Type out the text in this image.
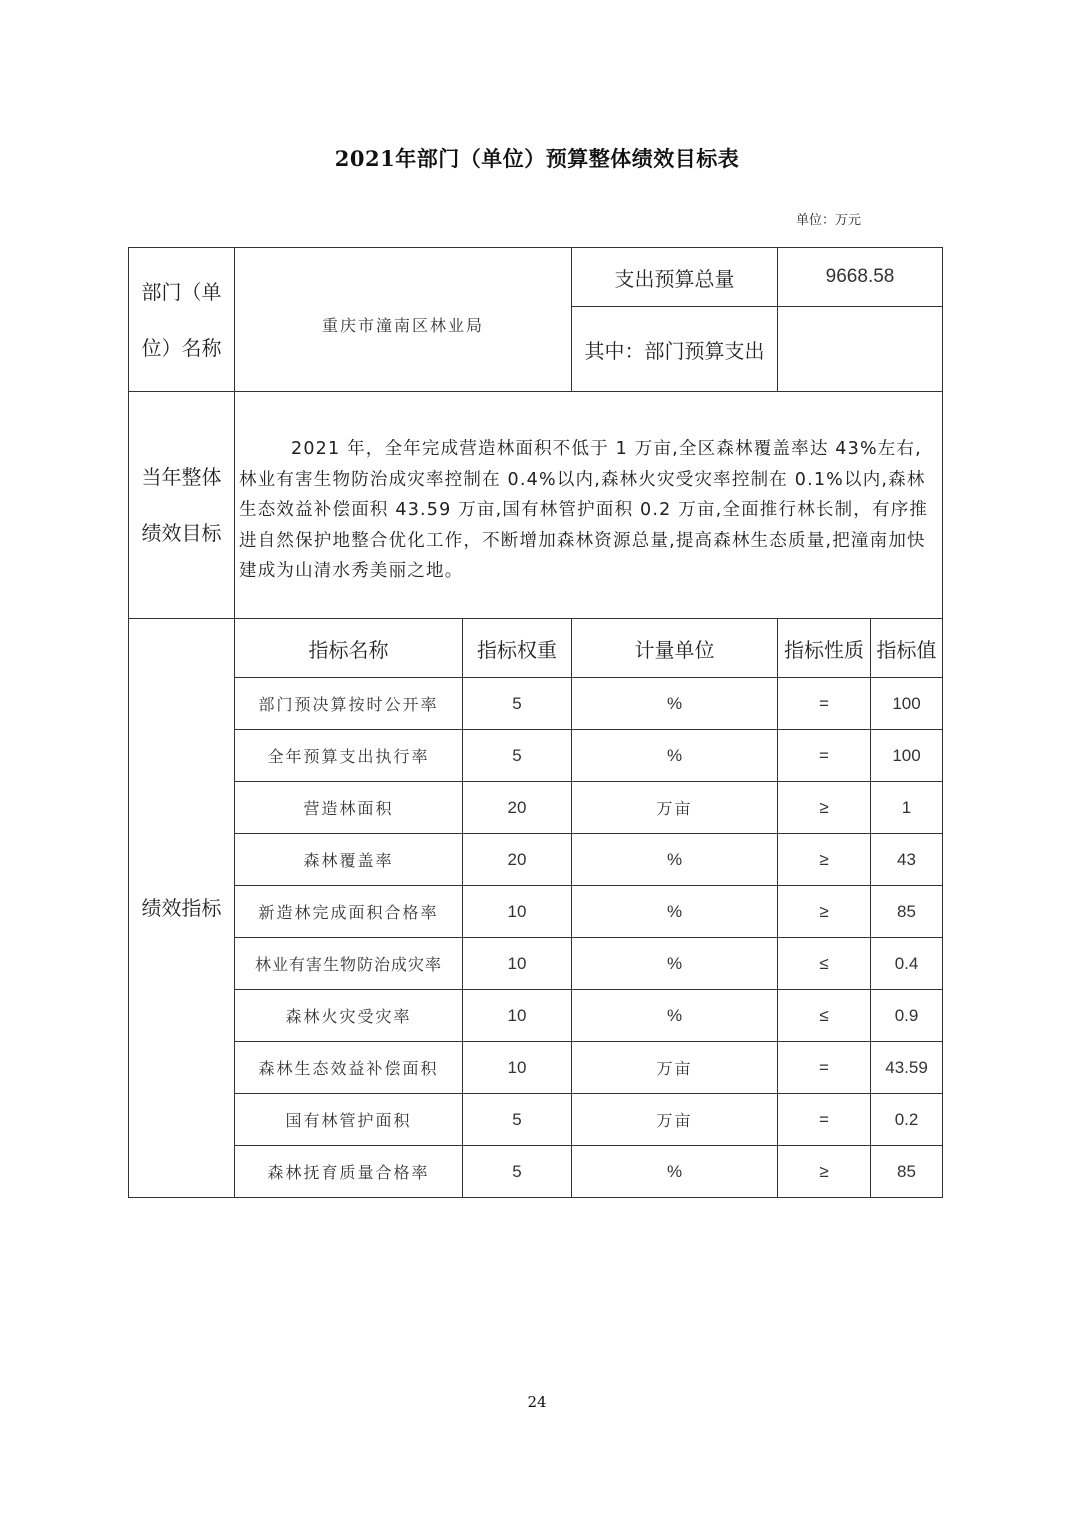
2021年部门（单位）预算整体绩效目标表
单位：万元
部门（单
位）名称	重庆市潼南区林业局		支出预算总量	9668.58	
			其中：部门预算支出		

当年整体
绩效目标	2021 年，全年完成营造林面积不低于 1 万亩,全区森林覆盖率达 43%左右,林业有害生物防治成灾率控制在 0.4%以内,森林火灾受灾率控制在 0.1%以内,森林生态效益补偿面积 43.59 万亩,国有林管护面积 0.2 万亩,全面推行林长制，有序推进自然保护地整合优化工作，不断增加森林资源总量,提高森林生态质量,把潼南加快建成为山清水秀美丽之地。				

绩效指标	指标名称	指标权重	计量单位	指标性质	指标值
	部门预决算按时公开率	5	%	=	100
	全年预算支出执行率	5	%	=	100
	营造林面积	20	万亩	≥	1
	森林覆盖率	20	%	≥	43
	新造林完成面积合格率	10	%	≥	85
	林业有害生物防治成灾率	10	%	≤	0.4
	森林火灾受灾率	10	%	≤	0.9
	森林生态效益补偿面积	10	万亩	=	43.59
	国有林管护面积	5	万亩	=	0.2
	森林抚育质量合格率	5	%	≥	85
24
